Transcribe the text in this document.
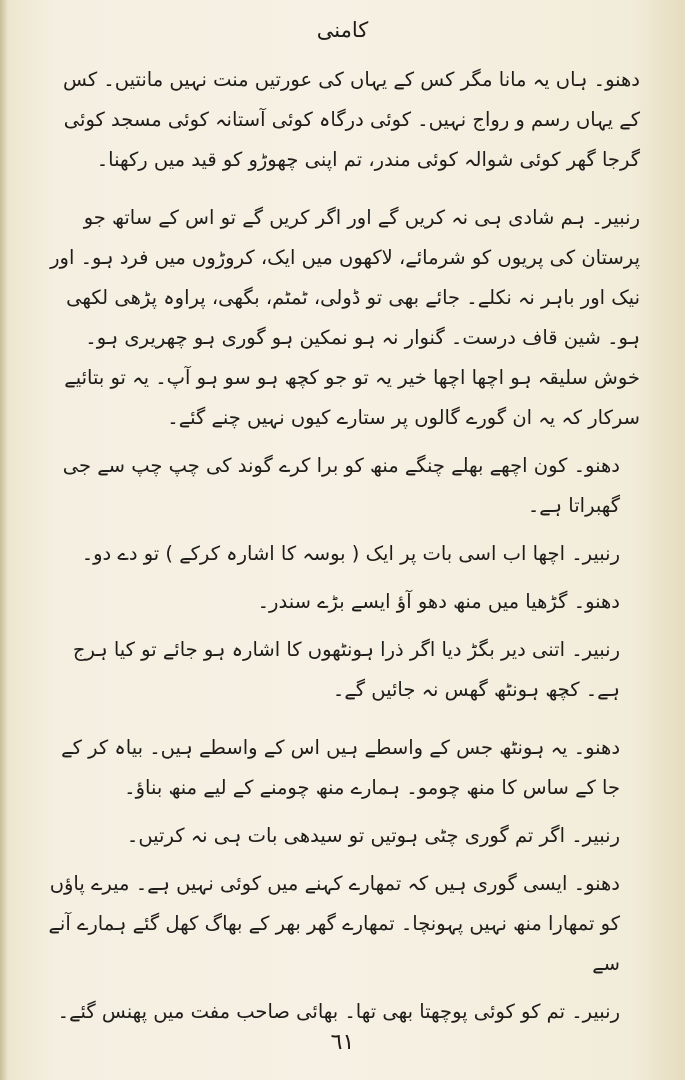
کامنی

دھنو۔ ہاں یہ مانا مگر کس کے یہاں کی عورتیں منت نہیں مانتیں۔ کس کے یہاں رسم و رواج نہیں۔ کوئی درگاہ کوئی آستانہ کوئی مسجد کوئی گرجا گھر کوئی شوالہ کوئی مندر، تم اپنی چھوڑو کو قید میں رکھنا۔

رنبیر۔ ہم شادی ہی نہ کریں گے اور اگر کریں گے تو اس کے ساتھ جو پرستان کی پریوں کو شرمائے، لاکھوں میں ایک، کروڑوں میں فرد ہو۔ اور نیک اور باہر نہ نکلے۔ جائے بھی تو ڈولی، ٹمٹم، بگھی، پراوہ پڑھی لکھی ہو۔ شین قاف درست۔ گنوار نہ ہو نمکین ہو گوری ہو چھریری ہو۔ خوش سلیقہ ہو اچھا اچھا خیر یہ تو جو کچھ ہو سو ہو آپ۔ یہ تو بتائیے سرکار کہ یہ ان گورے گالوں پر ستارے کیوں نہیں چنے گئے۔

دھنو۔ کون اچھے بھلے چنگے منھ کو برا کرے گوند کی چپ چپ سے جی گھبراتا ہے۔

رنبیر۔ اچھا اب اسی بات پر ایک ( بوسہ کا اشارہ کرکے ) تو دے دو۔

دھنو۔ گڑھیا میں منھ دھو آؤ ایسے بڑے سندر۔

رنبیر۔ اتنی دیر بگڑ دیا اگر ذرا ہونٹھوں کا اشارہ ہو جائے تو کیا ہرج ہے۔ کچھ ہونٹھ گھس نہ جائیں گے۔

دھنو۔ یہ ہونٹھ جس کے واسطے ہیں اس کے واسطے ہیں۔ بیاہ کر کے جا کے ساس کا منھ چومو۔ ہمارے منھ چومنے کے لیے منھ بناؤ۔

رنبیر۔ اگر تم گوری چٹی ہوتیں تو سیدھی بات ہی نہ کرتیں۔

دھنو۔ ایسی گوری ہیں کہ تمھارے کہنے میں کوئی نہیں ہے۔ میرے پاؤں کو تمھارا منھ نہیں پہونچا۔ تمھارے گھر بھر کے بھاگ کھل گئے ہمارے آنے سے

رنبیر۔ تم کو کوئی پوچھتا بھی تھا۔ بھائی صاحب مفت میں پھنس گئے۔

٦١
